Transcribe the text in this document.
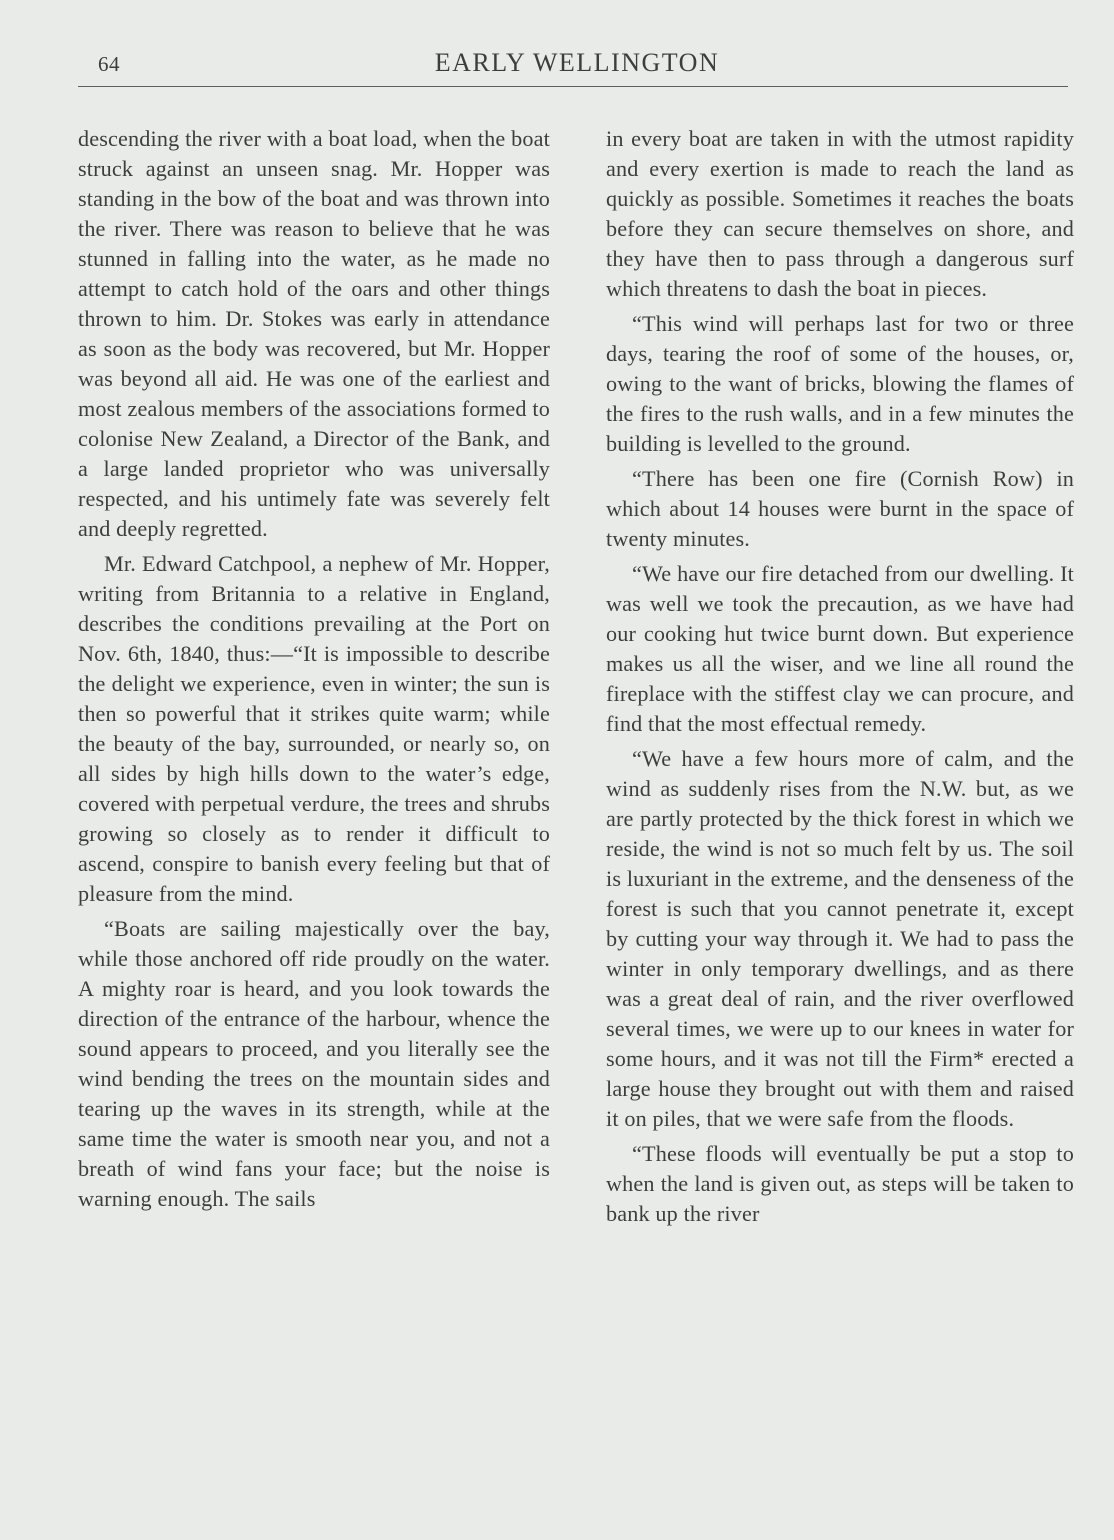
64	EARLY WELLINGTON

descending the river with a boat load, when the boat struck against an unseen snag. Mr. Hopper was standing in the bow of the boat and was thrown into the river. There was reason to believe that he was stunned in falling into the water, as he made no attempt to catch hold of the oars and other things thrown to him. Dr. Stokes was early in attendance as soon as the body was recovered, but Mr. Hopper was beyond all aid. He was one of the earliest and most zealous members of the associations formed to colonise New Zealand, a Director of the Bank, and a large landed proprietor who was universally respected, and his untimely fate was severely felt and deeply regretted.

Mr. Edward Catchpool, a nephew of Mr. Hopper, writing from Britannia to a relative in England, describes the conditions prevailing at the Port on Nov. 6th, 1840, thus:—“It is impossible to describe the delight we experience, even in winter; the sun is then so powerful that it strikes quite warm; while the beauty of the bay, surrounded, or nearly so, on all sides by high hills down to the water’s edge, covered with perpetual verdure, the trees and shrubs growing so closely as to render it difficult to ascend, conspire to banish every feeling but that of pleasure from the mind.

“Boats are sailing majestically over the bay, while those anchored off ride proudly on the water. A mighty roar is heard, and you look towards the direction of the entrance of the harbour, whence the sound appears to proceed, and you literally see the wind bending the trees on the mountain sides and tearing up the waves in its strength, while at the same time the water is smooth near you, and not a breath of wind fans your face; but the noise is warning enough. The sails

in every boat are taken in with the utmost rapidity and every exertion is made to reach the land as quickly as possible. Sometimes it reaches the boats before they can secure themselves on shore, and they have then to pass through a dangerous surf which threatens to dash the boat in pieces.

“This wind will perhaps last for two or three days, tearing the roof of some of the houses, or, owing to the want of bricks, blowing the flames of the fires to the rush walls, and in a few minutes the building is levelled to the ground.

“There has been one fire (Cornish Row) in which about 14 houses were burnt in the space of twenty minutes.

“We have our fire detached from our dwelling. It was well we took the precaution, as we have had our cooking hut twice burnt down. But experience makes us all the wiser, and we line all round the fireplace with the stiffest clay we can procure, and find that the most effectual remedy.

“We have a few hours more of calm, and the wind as suddenly rises from the N.W. but, as we are partly protected by the thick forest in which we reside, the wind is not so much felt by us. The soil is luxuriant in the extreme, and the denseness of the forest is such that you cannot penetrate it, except by cutting your way through it. We had to pass the winter in only temporary dwellings, and as there was a great deal of rain, and the river overflowed several times, we were up to our knees in water for some hours, and it was not till the Firm* erected a large house they brought out with them and raised it on piles, that we were safe from the floods.

“These floods will eventually be put a stop to when the land is given out, as steps will be taken to bank up the river
